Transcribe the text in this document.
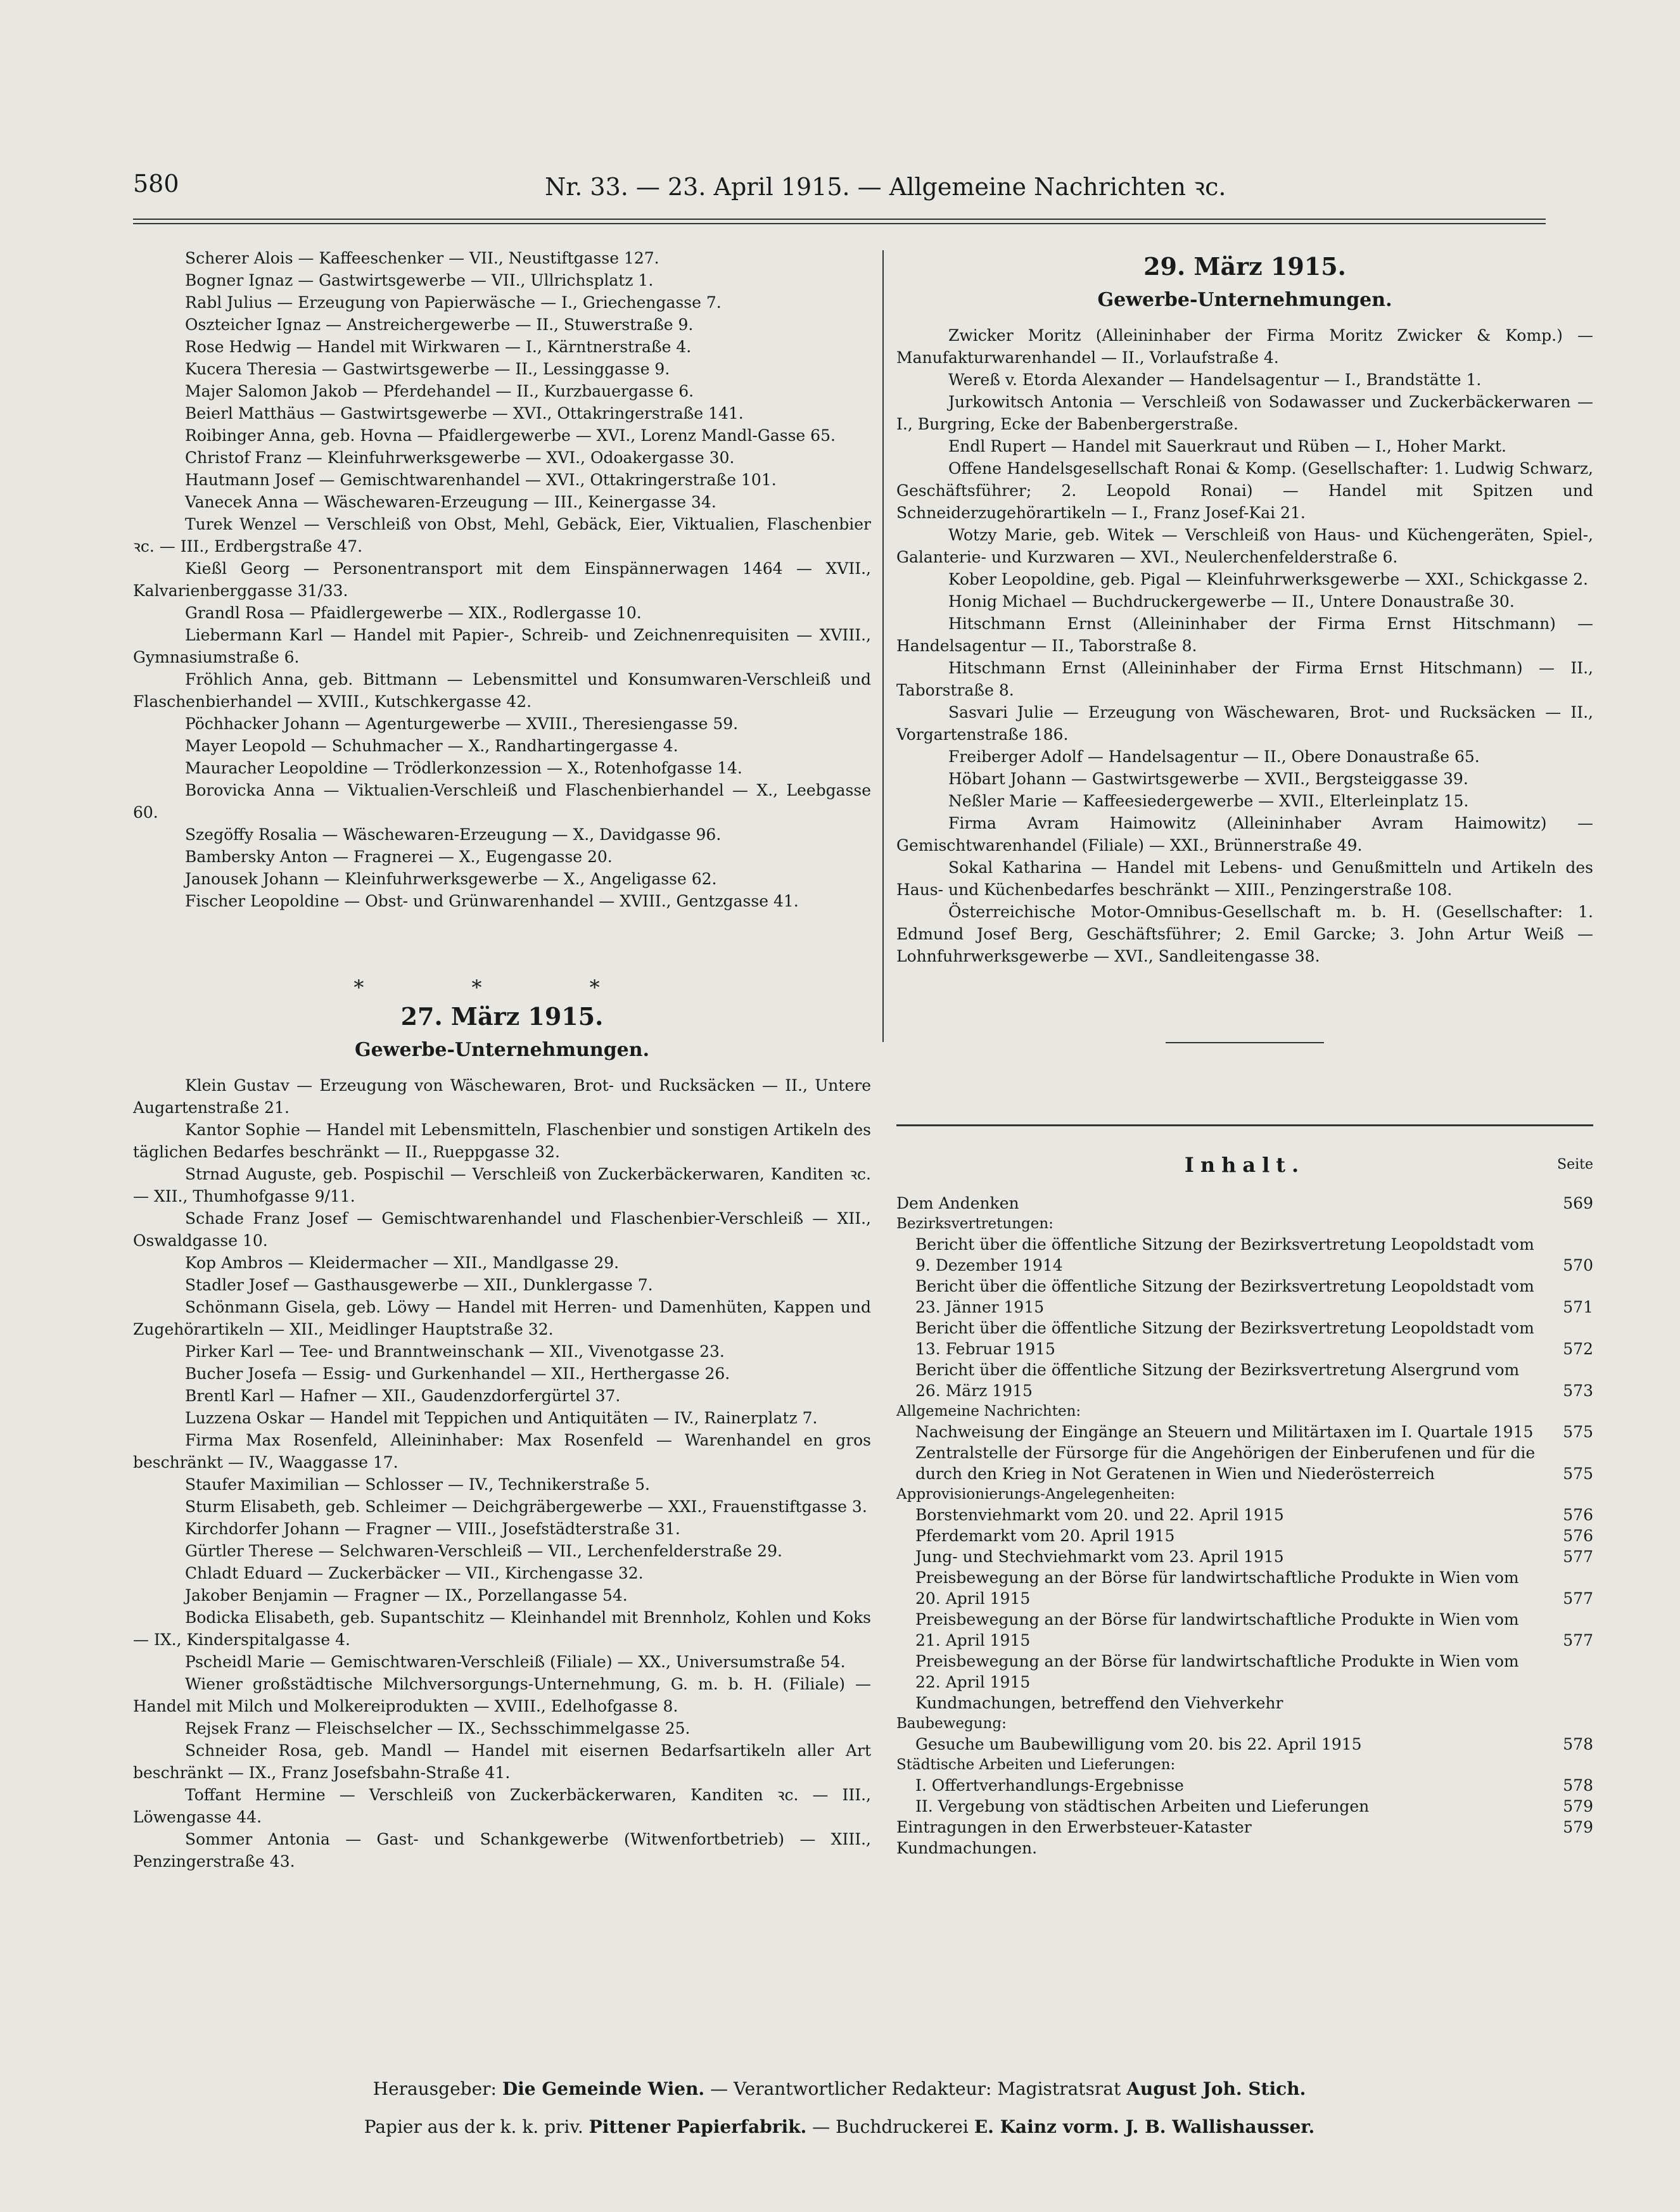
580	Nr. 33. — 23. April 1915. — Allgemeine Nachrichten ꝛc.

Scherer Alois — Kaffeeschenker — VII., Neustiftgasse 127.

Bogner Ignaz — Gastwirtsgewerbe — VII., Ullrichsplatz 1.

Rabl Julius — Erzeugung von Papierwäsche — I., Griechengasse 7.

Oszteicher Ignaz — Anstreichergewerbe — II., Stuwerstraße 9.

Rose Hedwig — Handel mit Wirkwaren — I., Kärntnerstraße 4.

Kucera Theresia — Gastwirtsgewerbe — II., Lessinggasse 9.

Majer Salomon Jakob — Pferdehandel — II., Kurzbauergasse 6.

Beierl Matthäus — Gastwirtsgewerbe — XVI., Ottakringerstraße 141.

Roibinger Anna, geb. Hovna — Pfaidlergewerbe — XVI., Lorenz Mandl-Gasse 65.

Christof Franz — Kleinfuhrwerksgewerbe — XVI., Odoakergasse 30.

Hautmann Josef — Gemischtwarenhandel — XVI., Ottakringerstraße 101.

Vanecek Anna — Wäschewaren-Erzeugung — III., Keinergasse 34.

Turek Wenzel — Verschleiß von Obst, Mehl, Gebäck, Eier, Viktualien, Flaschenbier ꝛc. — III., Erdbergstraße 47.

Kießl Georg — Personentransport mit dem Einspännerwagen 1464 — XVII., Kalvarienberggasse 31/33.

Grandl Rosa — Pfaidlergewerbe — XIX., Rodlergasse 10.

Liebermann Karl — Handel mit Papier-, Schreib- und Zeichnenrequisiten — XVIII., Gymnasiumstraße 6.

Fröhlich Anna, geb. Bittmann — Lebensmittel und Konsumwaren-Verschleiß und Flaschenbierhandel — XVIII., Kutschkergasse 42.

Pöchhacker Johann — Agenturgewerbe — XVIII., Theresiengasse 59.

Mayer Leopold — Schuhmacher — X., Randhartingergasse 4.

Mauracher Leopoldine — Trödlerkonzession — X., Rotenhofgasse 14.

Borovicka Anna — Viktualien-Verschleiß und Flaschenbierhandel — X., Leebgasse 60.

Szegöffy Rosalia — Wäschewaren-Erzeugung — X., Davidgasse 96.

Bambersky Anton — Fragnerei — X., Eugengasse 20.

Janousek Johann — Kleinfuhrwerksgewerbe — X., Angeligasse 62.

Fischer Leopoldine — Obst- und Grünwarenhandel — XVIII., Gentzgasse 41.

* * *
27. März 1915.
Gewerbe-Unternehmungen.

Klein Gustav — Erzeugung von Wäschewaren, Brot- und Rucksäcken — II., Untere Augartenstraße 21.

Kantor Sophie — Handel mit Lebensmitteln, Flaschenbier und sonstigen Artikeln des täglichen Bedarfes beschränkt — II., Rueppgasse 32.

Strnad Auguste, geb. Pospischil — Verschleiß von Zuckerbäckerwaren, Kanditen ꝛc. — XII., Thumhofgasse 9/11.

Schade Franz Josef — Gemischtwarenhandel und Flaschenbier-Verschleiß — XII., Oswaldgasse 10.

Kop Ambros — Kleidermacher — XII., Mandlgasse 29.

Stadler Josef — Gasthausgewerbe — XII., Dunklergasse 7.

Schönmann Gisela, geb. Löwy — Handel mit Herren- und Damenhüten, Kappen und Zugehörartikeln — XII., Meidlinger Hauptstraße 32.

Pirker Karl — Tee- und Branntweinschank — XII., Vivenotgasse 23.

Bucher Josefa — Essig- und Gurkenhandel — XII., Herthergasse 26.

Brentl Karl — Hafner — XII., Gaudenzdorfergürtel 37.

Luzzena Oskar — Handel mit Teppichen und Antiquitäten — IV., Rainerplatz 7.

Firma Max Rosenfeld, Alleininhaber: Max Rosenfeld — Warenhandel en gros beschränkt — IV., Waaggasse 17.

Staufer Maximilian — Schlosser — IV., Technikerstraße 5.

Sturm Elisabeth, geb. Schleimer — Deichgräbergewerbe — XXI., Frauenstiftgasse 3.

Kirchdorfer Johann — Fragner — VIII., Josefstädterstraße 31.

Gürtler Therese — Selchwaren-Verschleiß — VII., Lerchenfelderstraße 29.

Chladt Eduard — Zuckerbäcker — VII., Kirchengasse 32.

Jakober Benjamin — Fragner — IX., Porzellangasse 54.

Bodicka Elisabeth, geb. Supantschitz — Kleinhandel mit Brennholz, Kohlen und Koks — IX., Kinderspitalgasse 4.

Pscheidl Marie — Gemischtwaren-Verschleiß (Filiale) — XX., Universumstraße 54.

Wiener großstädtische Milchversorgungs-Unternehmung, G. m. b. H. (Filiale) — Handel mit Milch und Molkereiprodukten — XVIII., Edelhofgasse 8.

Rejsek Franz — Fleischselcher — IX., Sechsschimmelgasse 25.

Schneider Rosa, geb. Mandl — Handel mit eisernen Bedarfsartikeln aller Art beschränkt — IX., Franz Josefsbahn-Straße 41.

Toffant Hermine — Verschleiß von Zuckerbäckerwaren, Kanditen ꝛc. — III., Löwengasse 44.

Sommer Antonia — Gast- und Schankgewerbe (Witwenfortbetrieb) — XIII., Penzingerstraße 43.

29. März 1915.
Gewerbe-Unternehmungen.

Zwicker Moritz (Alleininhaber der Firma Moritz Zwicker & Komp.) — Manufakturwarenhandel — II., Vorlaufstraße 4.

Wereß v. Etorda Alexander — Handelsagentur — I., Brandstätte 1.

Jurkowitsch Antonia — Verschleiß von Sodawasser und Zuckerbäckerwaren — I., Burgring, Ecke der Babenbergerstraße.

Endl Rupert — Handel mit Sauerkraut und Rüben — I., Hoher Markt.

Offene Handelsgesellschaft Ronai & Komp. (Gesellschafter: 1. Ludwig Schwarz, Geschäftsführer; 2. Leopold Ronai) — Handel mit Spitzen und Schneiderzugehörartikeln — I., Franz Josef-Kai 21.

Wotzy Marie, geb. Witek — Verschleiß von Haus- und Küchengeräten, Spiel-, Galanterie- und Kurzwaren — XVI., Neulerchenfelderstraße 6.

Kober Leopoldine, geb. Pigal — Kleinfuhrwerksgewerbe — XXI., Schickgasse 2.

Honig Michael — Buchdruckergewerbe — II., Untere Donaustraße 30.

Hitschmann Ernst (Alleininhaber der Firma Ernst Hitschmann) — Handelsagentur — II., Taborstraße 8.

Hitschmann Ernst (Alleininhaber der Firma Ernst Hitschmann) — II., Taborstraße 8.

Sasvari Julie — Erzeugung von Wäschewaren, Brot- und Rucksäcken — II., Vorgartenstraße 186.

Freiberger Adolf — Handelsagentur — II., Obere Donaustraße 65.

Höbart Johann — Gastwirtsgewerbe — XVII., Bergsteiggasse 39.

Neßler Marie — Kaffeesiedergewerbe — XVII., Elterleinplatz 15.

Firma Avram Haimowitz (Alleininhaber Avram Haimowitz) — Gemischtwarenhandel (Filiale) — XXI., Brünnerstraße 49.

Sokal Katharina — Handel mit Lebens- und Genußmitteln und Artikeln des Haus- und Küchenbedarfes beschränkt — XIII., Penzingerstraße 108.

Österreichische Motor-Omnibus-Gesellschaft m. b. H. (Gesellschafter: 1. Edmund Josef Berg, Geschäftsführer; 2. Emil Garcke; 3. John Artur Weiß — Lohnfuhrwerksgewerbe — XVI., Sandleitengasse 38.

Inhalt.	Seite
Dem Andenken	569
Bezirksvertretungen:
Bericht über die öffentliche Sitzung der Bezirksvertretung Leopoldstadt vom 9. Dezember 1914	570
Bericht über die öffentliche Sitzung der Bezirksvertretung Leopoldstadt vom 23. Jänner 1915	571
Bericht über die öffentliche Sitzung der Bezirksvertretung Leopoldstadt vom 13. Februar 1915	572
Bericht über die öffentliche Sitzung der Bezirksvertretung Alsergrund vom 26. März 1915	573
Allgemeine Nachrichten:
Nachweisung der Eingänge an Steuern und Militärtaxen im I. Quartale 1915	575
Zentralstelle der Fürsorge für die Angehörigen der Einberufenen und für die durch den Krieg in Not Geratenen in Wien und Niederösterreich	575
Approvisionierungs-Angelegenheiten:
Borstenviehmarkt vom 20. und 22. April 1915	576
Pferdemarkt vom 20. April 1915	576
Jung- und Stechviehmarkt vom 23. April 1915	577
Preisbewegung an der Börse für landwirtschaftliche Produkte in Wien vom 20. April 1915	577
Preisbewegung an der Börse für landwirtschaftliche Produkte in Wien vom 21. April 1915	577
Preisbewegung an der Börse für landwirtschaftliche Produkte in Wien vom 22. April 1915
Kundmachungen, betreffend den Viehverkehr
Baubewegung:
Gesuche um Baubewilligung vom 20. bis 22. April 1915	578
Städtische Arbeiten und Lieferungen:
I. Offertverhandlungs-Ergebnisse	578
II. Vergebung von städtischen Arbeiten und Lieferungen	579
Eintragungen in den Erwerbsteuer-Kataster	579
Kundmachungen.

Herausgeber: Die Gemeinde Wien. — Verantwortlicher Redakteur: Magistratsrat August Joh. Stich.

Papier aus der k. k. priv. Pittener Papierfabrik. — Buchdruckerei E. Kainz vorm. J. B. Wallishausser.
